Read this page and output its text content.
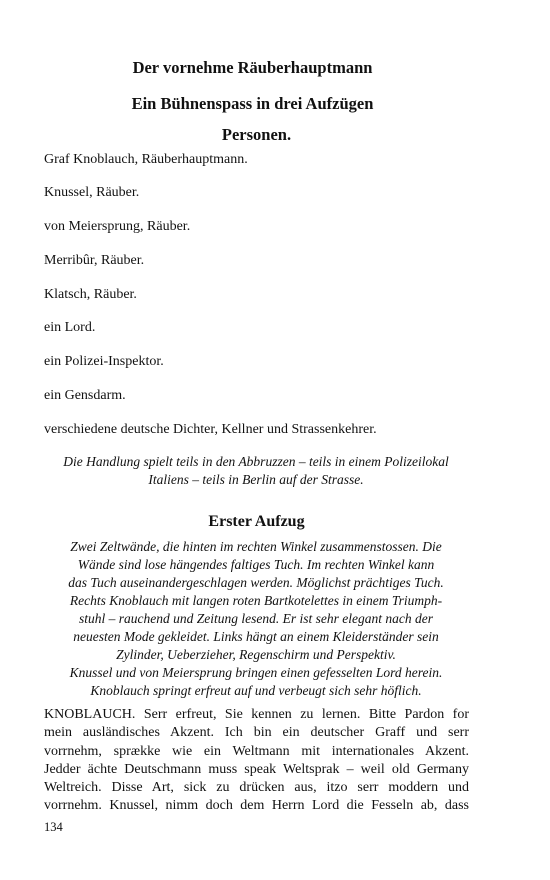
Der vornehme Räuberhauptmann
Ein Bühnenspass in drei Aufzügen
Personen.
Graf Knoblauch, Räuberhauptmann.
Knussel, Räuber.
von Meiersprung, Räuber.
Merribûr, Räuber.
Klatsch, Räuber.
ein Lord.
ein Polizei-Inspektor.
ein Gensdarm.
verschiedene deutsche Dichter, Kellner und Strassenkehrer.
Die Handlung spielt teils in den Abbruzzen – teils in einem Polizeilokal
Italiens – teils in Berlin auf der Strasse.
Erster Aufzug
Zwei Zeltwände, die hinten im rechten Winkel zusammenstossen. Die
Wände sind lose hängendes faltiges Tuch. Im rechten Winkel kann
das Tuch auseinandergeschlagen werden. Möglichst prächtiges Tuch.
Rechts Knoblauch mit langen roten Bartkotelettes in einem Triumph-
stuhl – rauchend und Zeitung lesend. Er ist sehr elegant nach der
neuesten Mode gekleidet. Links hängt an einem Kleiderständer sein
Zylinder, Ueberzieher, Regenschirm und Perspektiv.
Knussel und von Meiersprung bringen einen gefesselten Lord herein.
Knoblauch springt erfreut auf und verbeugt sich sehr höflich.
KNOBLAUCH. Serr erfreut, Sie kennen zu lernen. Bitte Pardon for
mein ausländisches Akzent. Ich bin ein deutscher Graff und serr
vorrnehm, sprække wie ein Weltmann mit internationales Akzent.
Jedder ächte Deutschmann muss speak Weltsprak – weil old Germany
Weltreich. Disse Art, sick zu drücken aus, itzo serr moddern und
vorrnehm. Knussel, nimm doch dem Herrn Lord die Fesseln ab, dass
134
